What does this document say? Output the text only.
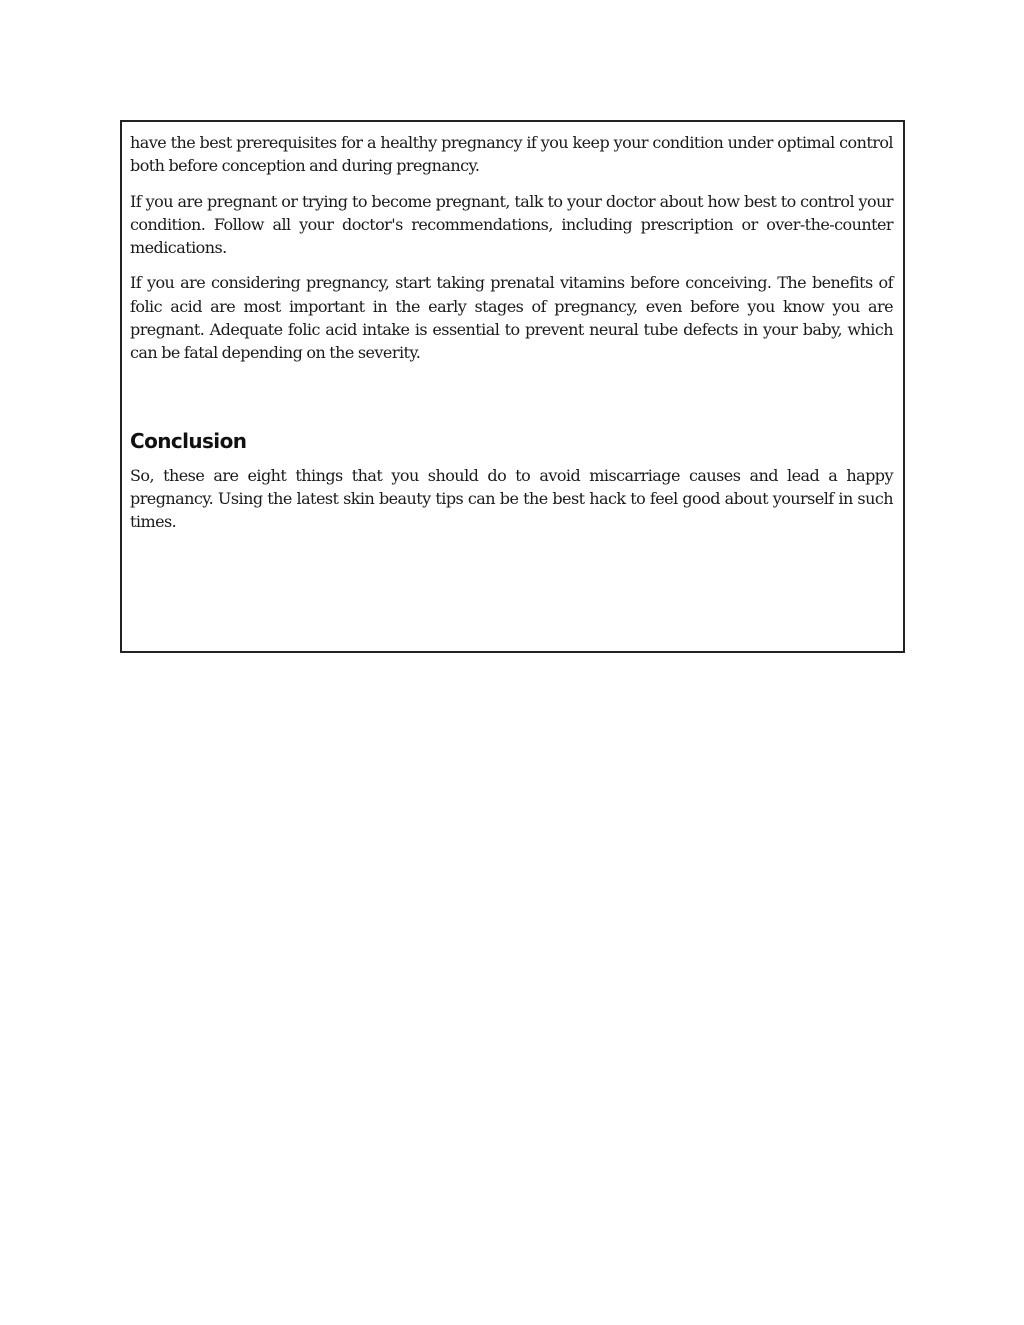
have the best prerequisites for a healthy pregnancy if you keep your condition under optimal control both before conception and during pregnancy.

If you are pregnant or trying to become pregnant, talk to your doctor about how best to control your condition. Follow all your doctor's recommendations, including prescription or over-the-counter medications.

If you are considering pregnancy, start taking prenatal vitamins before conceiving. The benefits of folic acid are most important in the early stages of pregnancy, even before you know you are pregnant. Adequate folic acid intake is essential to prevent neural tube defects in your baby, which can be fatal depending on the severity.

Conclusion

So, these are eight things that you should do to avoid miscarriage causes and lead a happy pregnancy. Using the latest skin beauty tips can be the best hack to feel good about yourself in such times.
